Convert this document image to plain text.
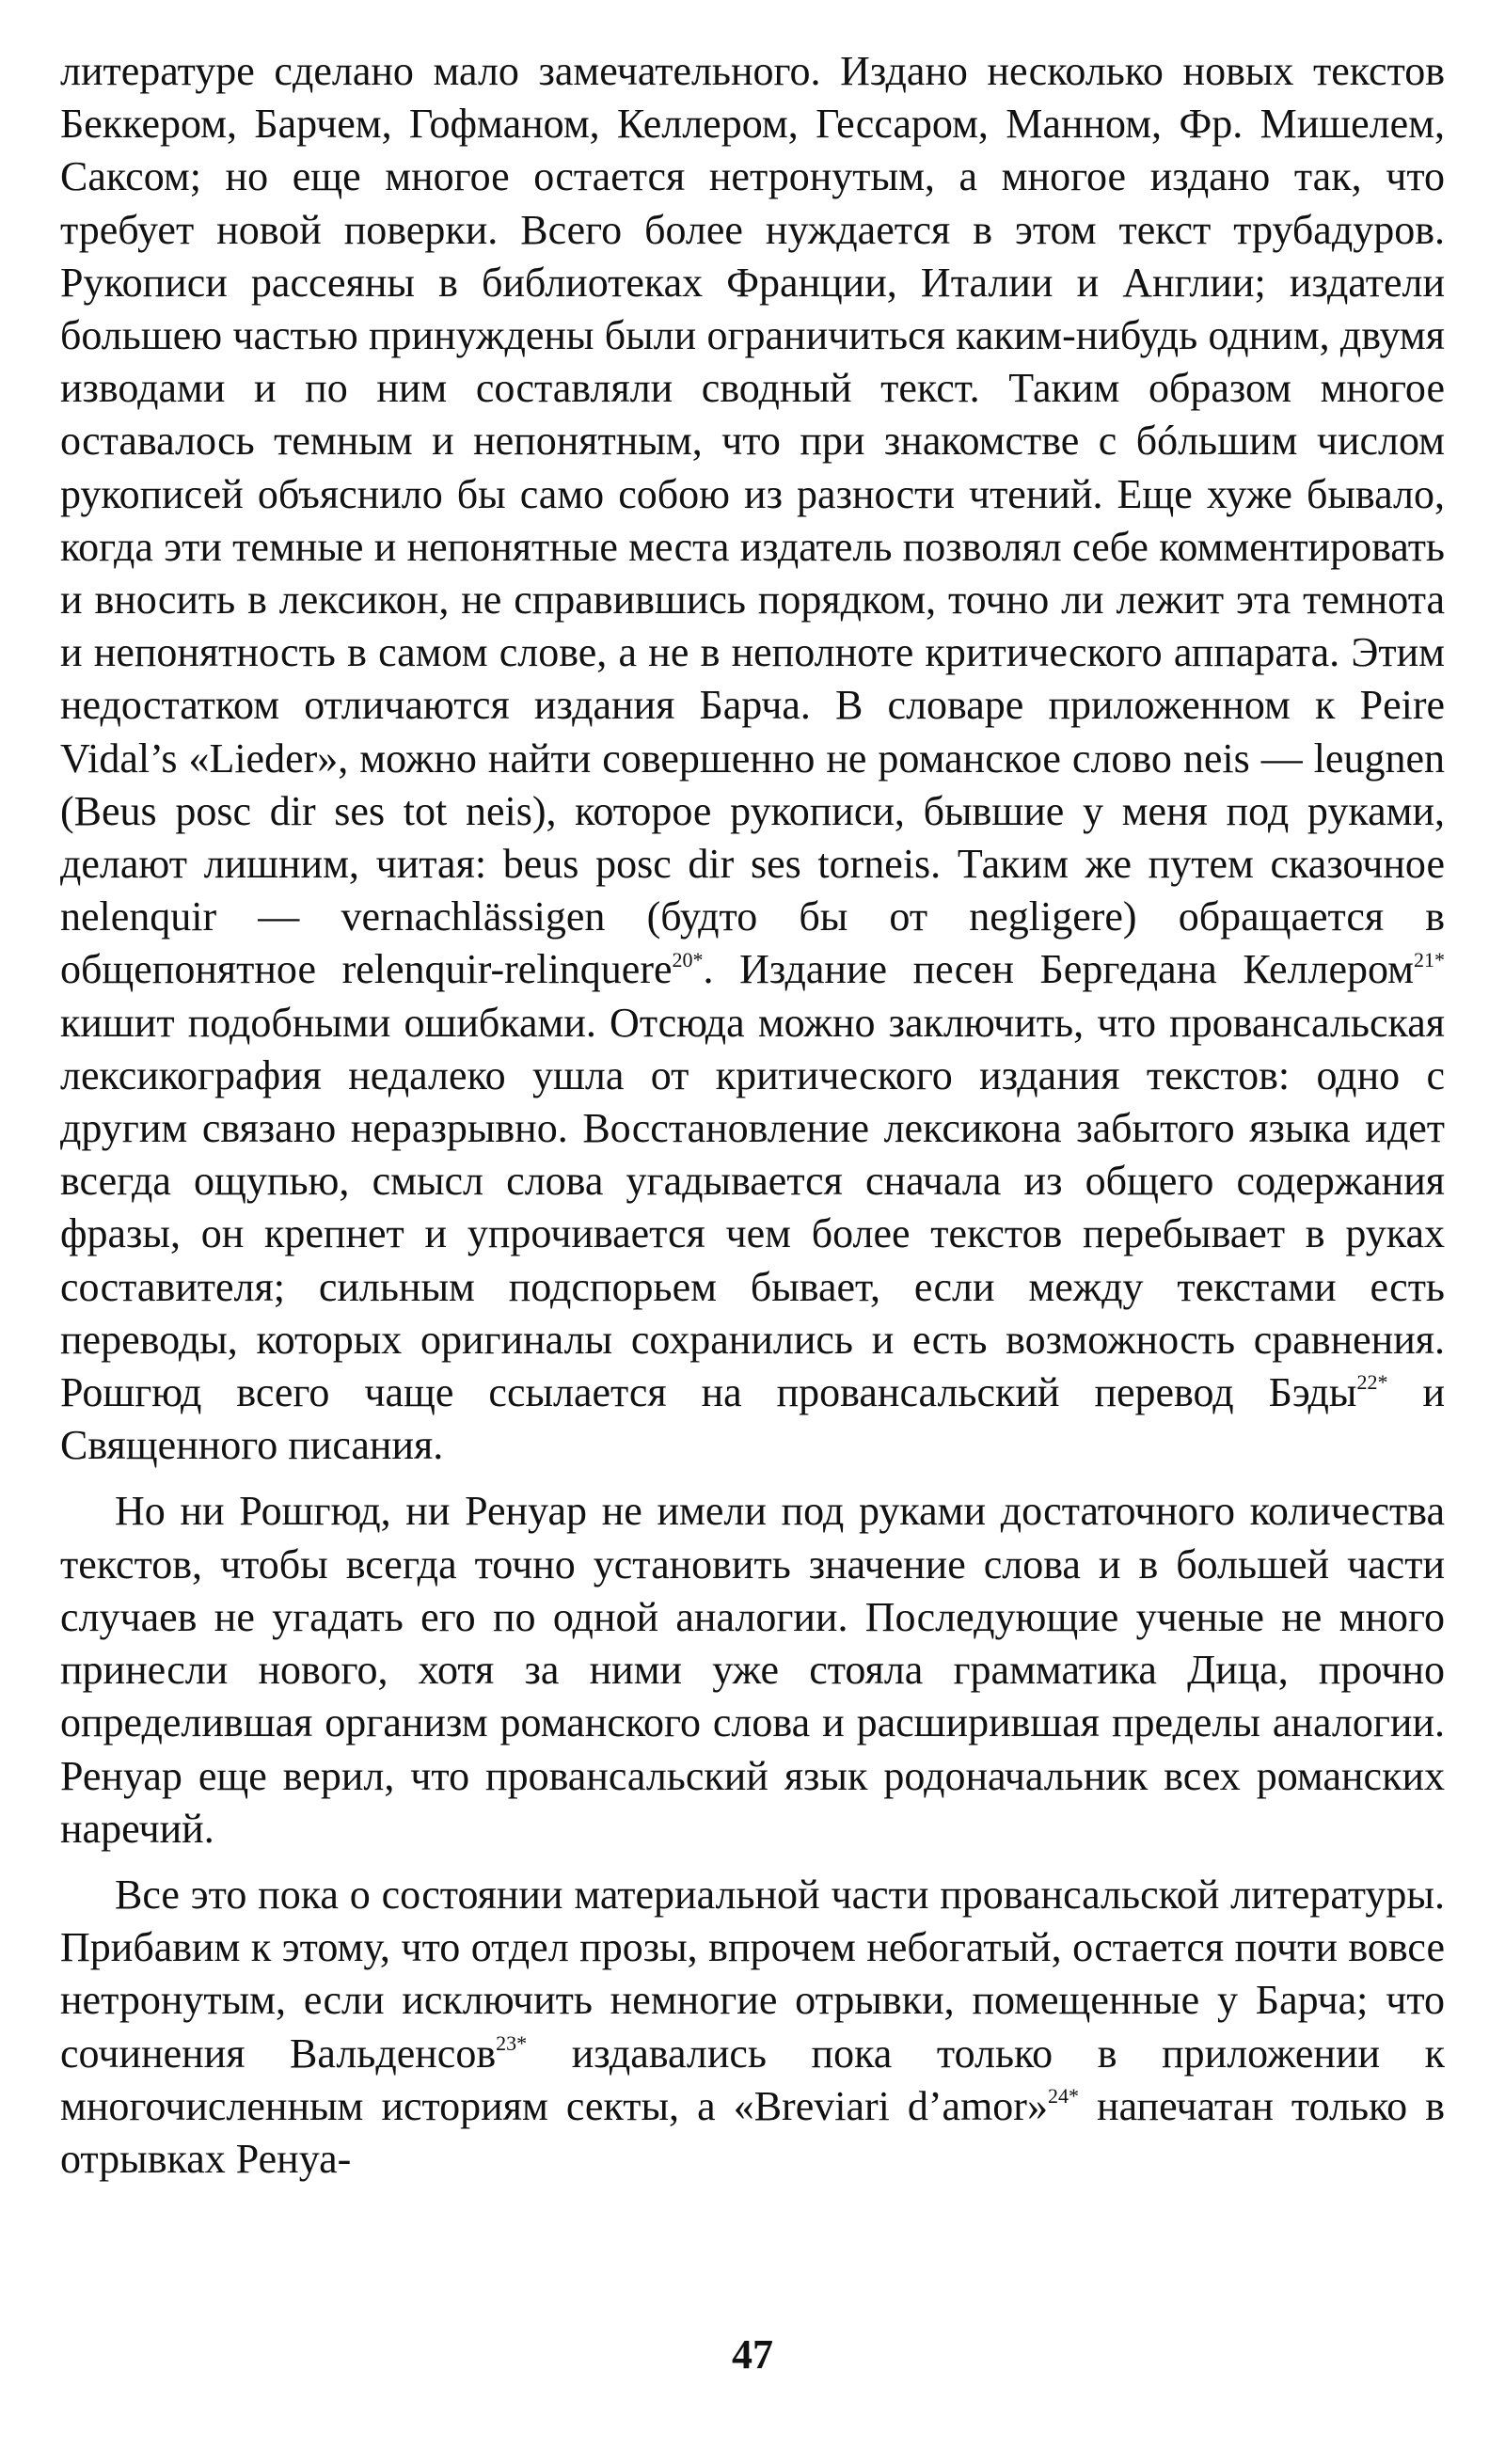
литературе сделано мало замечательного. Издано несколько новых текстов Беккером, Барчем, Гофманом, Келлером, Гессаром, Манном, Фр. Мишелем, Саксом; но еще многое остается нетронутым, а многое издано так, что требует новой поверки. Всего более нуждается в этом текст трубадуров. Рукописи рассеяны в библиотеках Франции, Италии и Англии; издатели большею частью принуждены были ограничиться каким-нибудь одним, двумя изводами и по ним составляли сводный текст. Таким образом многое оставалось темным и непонятным, что при знакомстве с бóльшим числом рукописей объяснило бы само собою из разности чтений. Еще хуже бывало, когда эти темные и непонятные места издатель позволял себе комментировать и вносить в лексикон, не справившись порядком, точно ли лежит эта темнота и непонятность в самом слове, а не в неполноте критического аппарата. Этим недостатком отличаются издания Барча. В словаре приложенном к Peire Vidal’s «Lieder», можно найти совершенно не романское слово neis — leugnen (Beus posc dir ses tot neis), которое рукописи, бывшие у меня под руками, делают лишним, читая: beus posc dir ses torneis. Таким же путем сказочное nelenquir — vernachlässigen (будто бы от negligere) обращается в общепонятное relenquir-relinquere$^{20*}$. Издание песен Бергедана Келлером$^{21*}$ кишит подобными ошибками. Отсюда можно заключить, что провансальская лексикография недалеко ушла от критического издания текстов: одно с другим связано неразрывно. Восстановление лексикона забытого языка идет всегда ощупью, смысл слова угадывается сначала из общего содержания фразы, он крепнет и упрочивается чем более текстов перебывает в руках составителя; сильным подспорьем бывает, если между текстами есть переводы, которых оригиналы сохранились и есть возможность сравнения. Рошгюд всего чаще ссылается на провансальский перевод Бэды$^{22*}$ и Священного писания.

Но ни Рошгюд, ни Ренуар не имели под руками достаточного количества текстов, чтобы всегда точно установить значение слова и в большей части случаев не угадать его по одной аналогии. Последующие ученые не много принесли нового, хотя за ними уже стояла грамматика Дица, прочно определившая организм романского слова и расширившая пределы аналогии. Ренуар еще верил, что провансальский язык родоначальник всех романских наречий.

Все это пока о состоянии материальной части провансальской литературы. Прибавим к этому, что отдел прозы, впрочем небогатый, остается почти вовсе нетронутым, если исключить немногие отрывки, помещенные у Барча; что сочинения Вальденсов$^{23*}$ издавались пока только в приложении к многочисленным историям секты, а «Breviari d’amor»$^{24*}$ напечатан только в отрывках Ренуа-

47
